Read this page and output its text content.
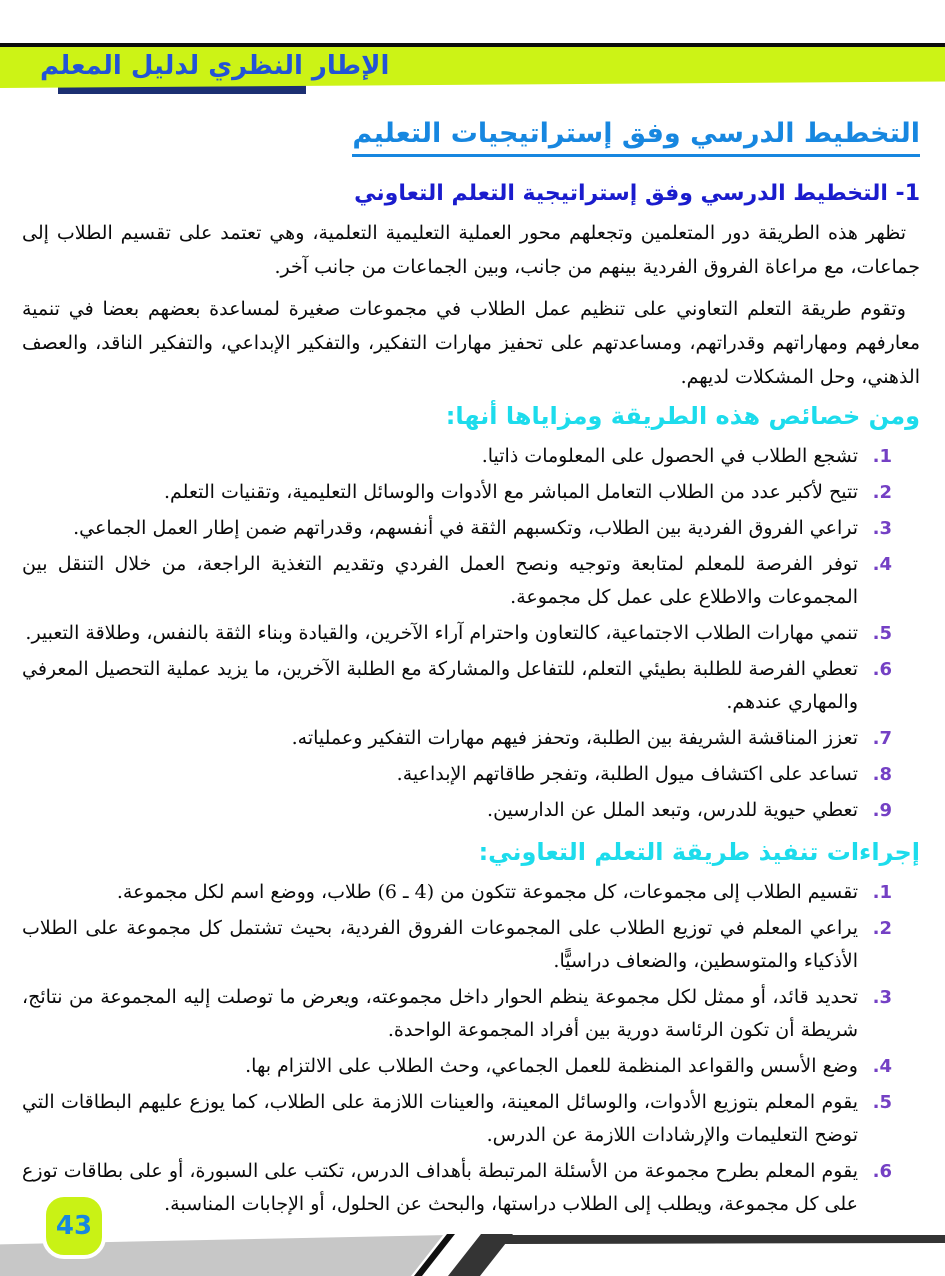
الإطار النظري لدليل المعلم
التخطيط الدرسي وفق إستراتيجيات التعليم
1- التخطيط الدرسي وفق إستراتيجية التعلم التعاوني

تظهر هذه الطريقة دور المتعلمين وتجعلهم محور العملية التعليمية التعلمية، وهي تعتمد على تقسيم الطلاب إلى جماعات، مع مراعاة الفروق الفردية بينهم من جانب، وبين الجماعات من جانب آخر.

وتقوم طريقة التعلم التعاوني على تنظيم عمل الطلاب في مجموعات صغيرة لمساعدة بعضهم بعضا في تنمية معارفهم ومهاراتهم وقدراتهم، ومساعدتهم على تحفيز مهارات التفكير، والتفكير الإبداعي، والتفكير الناقد، والعصف الذهني، وحل المشكلات لديهم.

ومن خصائص هذه الطريقة ومزاياها أنها:
1.
تشجع الطلاب في الحصول على المعلومات ذاتيا.
2.
تتيح لأكبر عدد من الطلاب التعامل المباشر مع الأدوات والوسائل التعليمية، وتقنيات التعلم.
3.
تراعي الفروق الفردية بين الطلاب، وتكسبهم الثقة في أنفسهم، وقدراتهم ضمن إطار العمل الجماعي.
4.
توفر الفرصة للمعلم لمتابعة وتوجيه ونصح العمل الفردي وتقديم التغذية الراجعة، من خلال التنقل بين المجموعات والاطلاع على عمل كل مجموعة.
5.
تنمي مهارات الطلاب الاجتماعية، كالتعاون واحترام آراء الآخرين، والقيادة وبناء الثقة بالنفس، وطلاقة التعبير.
6.
تعطي الفرصة للطلبة بطيئي التعلم، للتفاعل والمشاركة مع الطلبة الآخرين، ما يزيد عملية التحصيل المعرفي والمهاري عندهم.
7.
تعزز المناقشة الشريفة بين الطلبة، وتحفز فيهم مهارات التفكير وعملياته.
8.
تساعد على اكتشاف ميول الطلبة، وتفجر طاقاتهم الإبداعية.
9.
تعطي حيوية للدرس، وتبعد الملل عن الدارسين.
إجراءات تنفيذ طريقة التعلم التعاوني:
1.
تقسيم الطلاب إلى مجموعات، كل مجموعة تتكون من (4 ـ 6) طلاب، ووضع اسم لكل مجموعة.
2.
يراعي المعلم في توزيع الطلاب على المجموعات الفروق الفردية، بحيث تشتمل كل مجموعة على الطلاب الأذكياء والمتوسطين، والضعاف دراسيًّا.
3.
تحديد قائد، أو ممثل لكل مجموعة ينظم الحوار داخل مجموعته، ويعرض ما توصلت إليه المجموعة من نتائج، شريطة أن تكون الرئاسة دورية بين أفراد المجموعة الواحدة.
4.
وضع الأسس والقواعد المنظمة للعمل الجماعي، وحث الطلاب على الالتزام بها.
5.
يقوم المعلم بتوزيع الأدوات، والوسائل المعينة، والعينات اللازمة على الطلاب، كما يوزع عليهم البطاقات التي توضح التعليمات والإرشادات اللازمة عن الدرس.
6.
يقوم المعلم بطرح مجموعة من الأسئلة المرتبطة بأهداف الدرس، تكتب على السبورة، أو على بطاقات توزع على كل مجموعة، ويطلب إلى الطلاب دراستها، والبحث عن الحلول، أو الإجابات المناسبة.
43
